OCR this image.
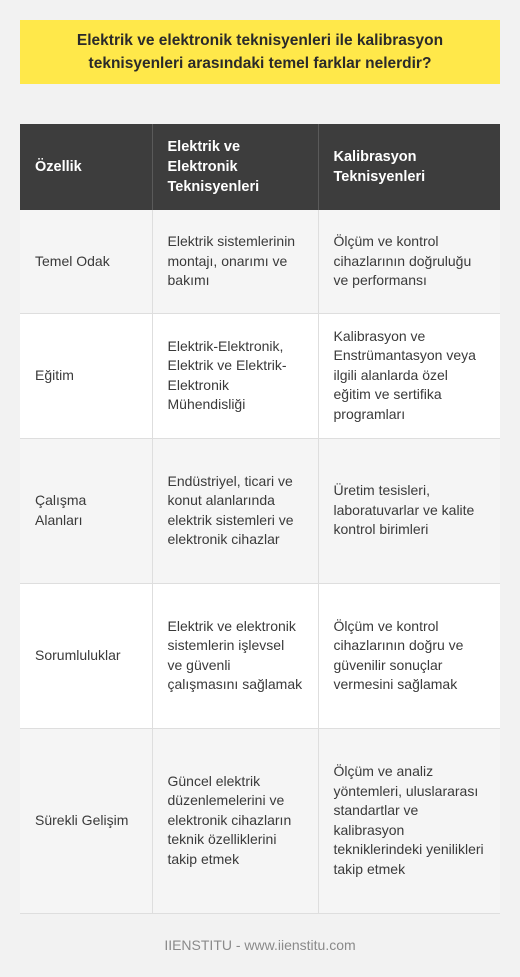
Elektrik ve elektronik teknisyenleri ile kalibrasyon teknisyenleri arasındaki temel farklar nelerdir?
Özellik	Elektrik ve Elektronik Teknisyenleri	Kalibrasyon Teknisyenleri
Temel Odak	Elektrik sistemlerinin montajı, onarımı ve bakımı	Ölçüm ve kontrol cihazlarının doğruluğu ve performansı
Eğitim	Elektrik-Elektronik, Elektrik ve Elektrik-Elektronik Mühendisliği	Kalibrasyon ve Enstrümantasyon veya ilgili alanlarda özel eğitim ve sertifika programları
Çalışma Alanları	Endüstriyel, ticari ve konut alanlarında elektrik sistemleri ve elektronik cihazlar	Üretim tesisleri, laboratuvarlar ve kalite kontrol birimleri
Sorumluluklar	Elektrik ve elektronik sistemlerin işlevsel ve güvenli çalışmasını sağlamak	Ölçüm ve kontrol cihazlarının doğru ve güvenilir sonuçlar vermesini sağlamak
Sürekli Gelişim	Güncel elektrik düzenlemelerini ve elektronik cihazların teknik özelliklerini takip etmek	Ölçüm ve analiz yöntemleri, uluslararası standartlar ve kalibrasyon tekniklerindeki yenilikleri takip etmek
IIENSTITU - www.iienstitu.com
